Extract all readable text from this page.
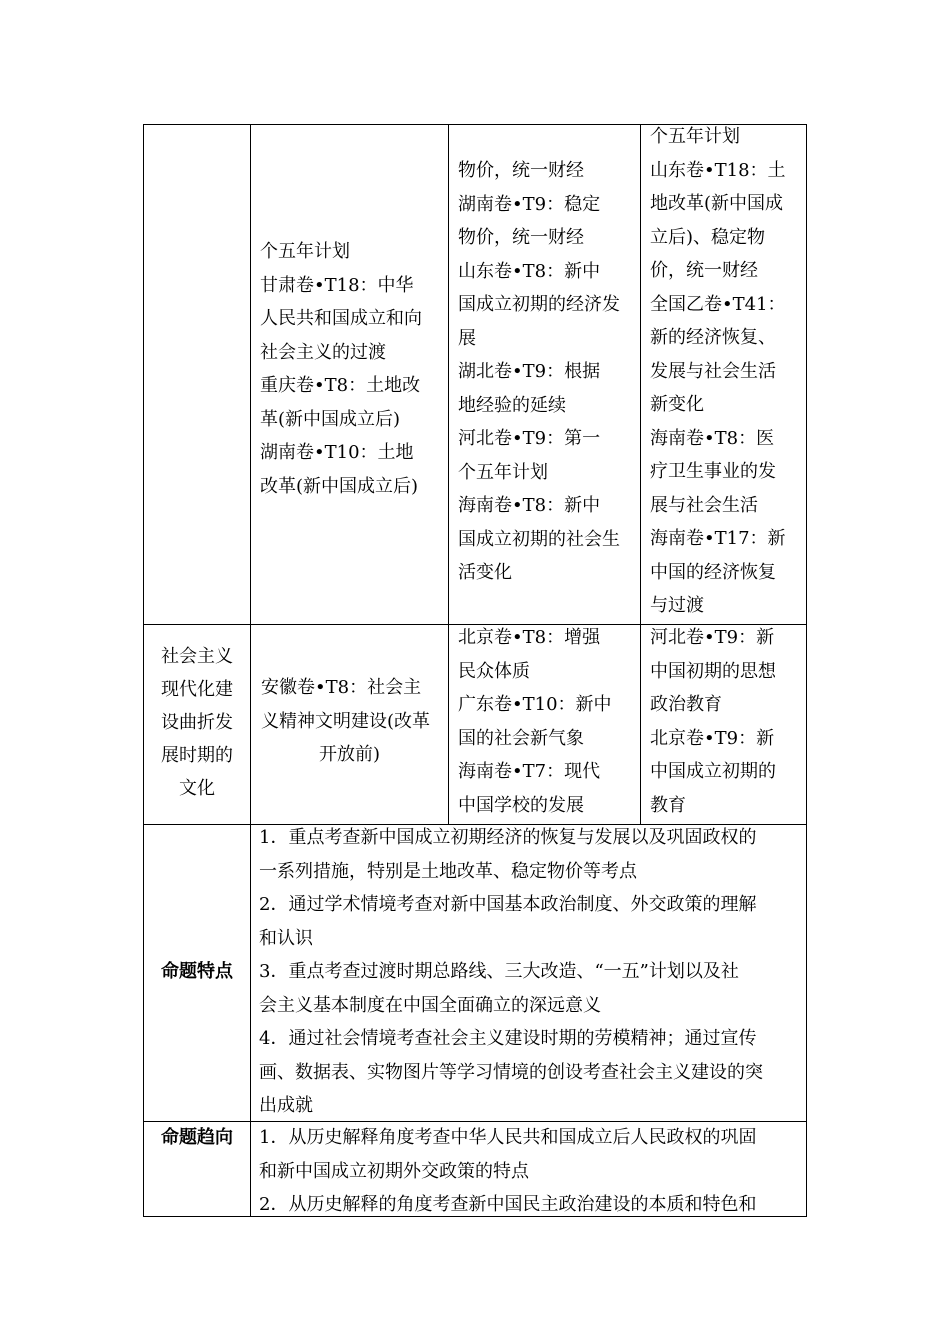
个五年计划
甘肃卷•T18：中华
人民共和国成立和向
社会主义的过渡
重庆卷•T8：土地改
革(新中国成立后)
湖南卷•T10：土地
改革(新中国成立后)
物价，统一财经
湖南卷•T9：稳定
物价，统一财经
山东卷•T8：新中
国成立初期的经济发
展
湖北卷•T9：根据
地经验的延续
河北卷•T9：第一
个五年计划
海南卷•T8：新中
国成立初期的社会生
活变化
个五年计划
山东卷•T18：土
地改革(新中国成
立后)、稳定物
价，统一财经
全国乙卷•T41：
新的经济恢复、
发展与社会生活
新变化
海南卷•T8：医
疗卫生事业的发
展与社会生活
海南卷•T17：新
中国的经济恢复
与过渡
社会主义
现代化建
设曲折发
展时期的
文化
安徽卷•T8：社会主
义精神文明建设(改革
开放前)
北京卷•T8：增强
民众体质
广东卷•T10：新中
国的社会新气象
海南卷•T7：现代
中国学校的发展
河北卷•T9：新
中国初期的思想
政治教育
北京卷•T9：新
中国成立初期的
教育
命题特点
1．重点考查新中国成立初期经济的恢复与发展以及巩固政权的
一系列措施，特别是土地改革、稳定物价等考点
2．通过学术情境考查对新中国基本政治制度、外交政策的理解
和认识
3．重点考查过渡时期总路线、三大改造、“一五”计划以及社
会主义基本制度在中国全面确立的深远意义
4．通过社会情境考查社会主义建设时期的劳模精神；通过宣传
画、数据表、实物图片等学习情境的创设考查社会主义建设的突
出成就
命题趋向	1．从历史解释角度考查中华人民共和国成立后人民政权的巩固
和新中国成立初期外交政策的特点
2．从历史解释的角度考查新中国民主政治建设的本质和特色和
